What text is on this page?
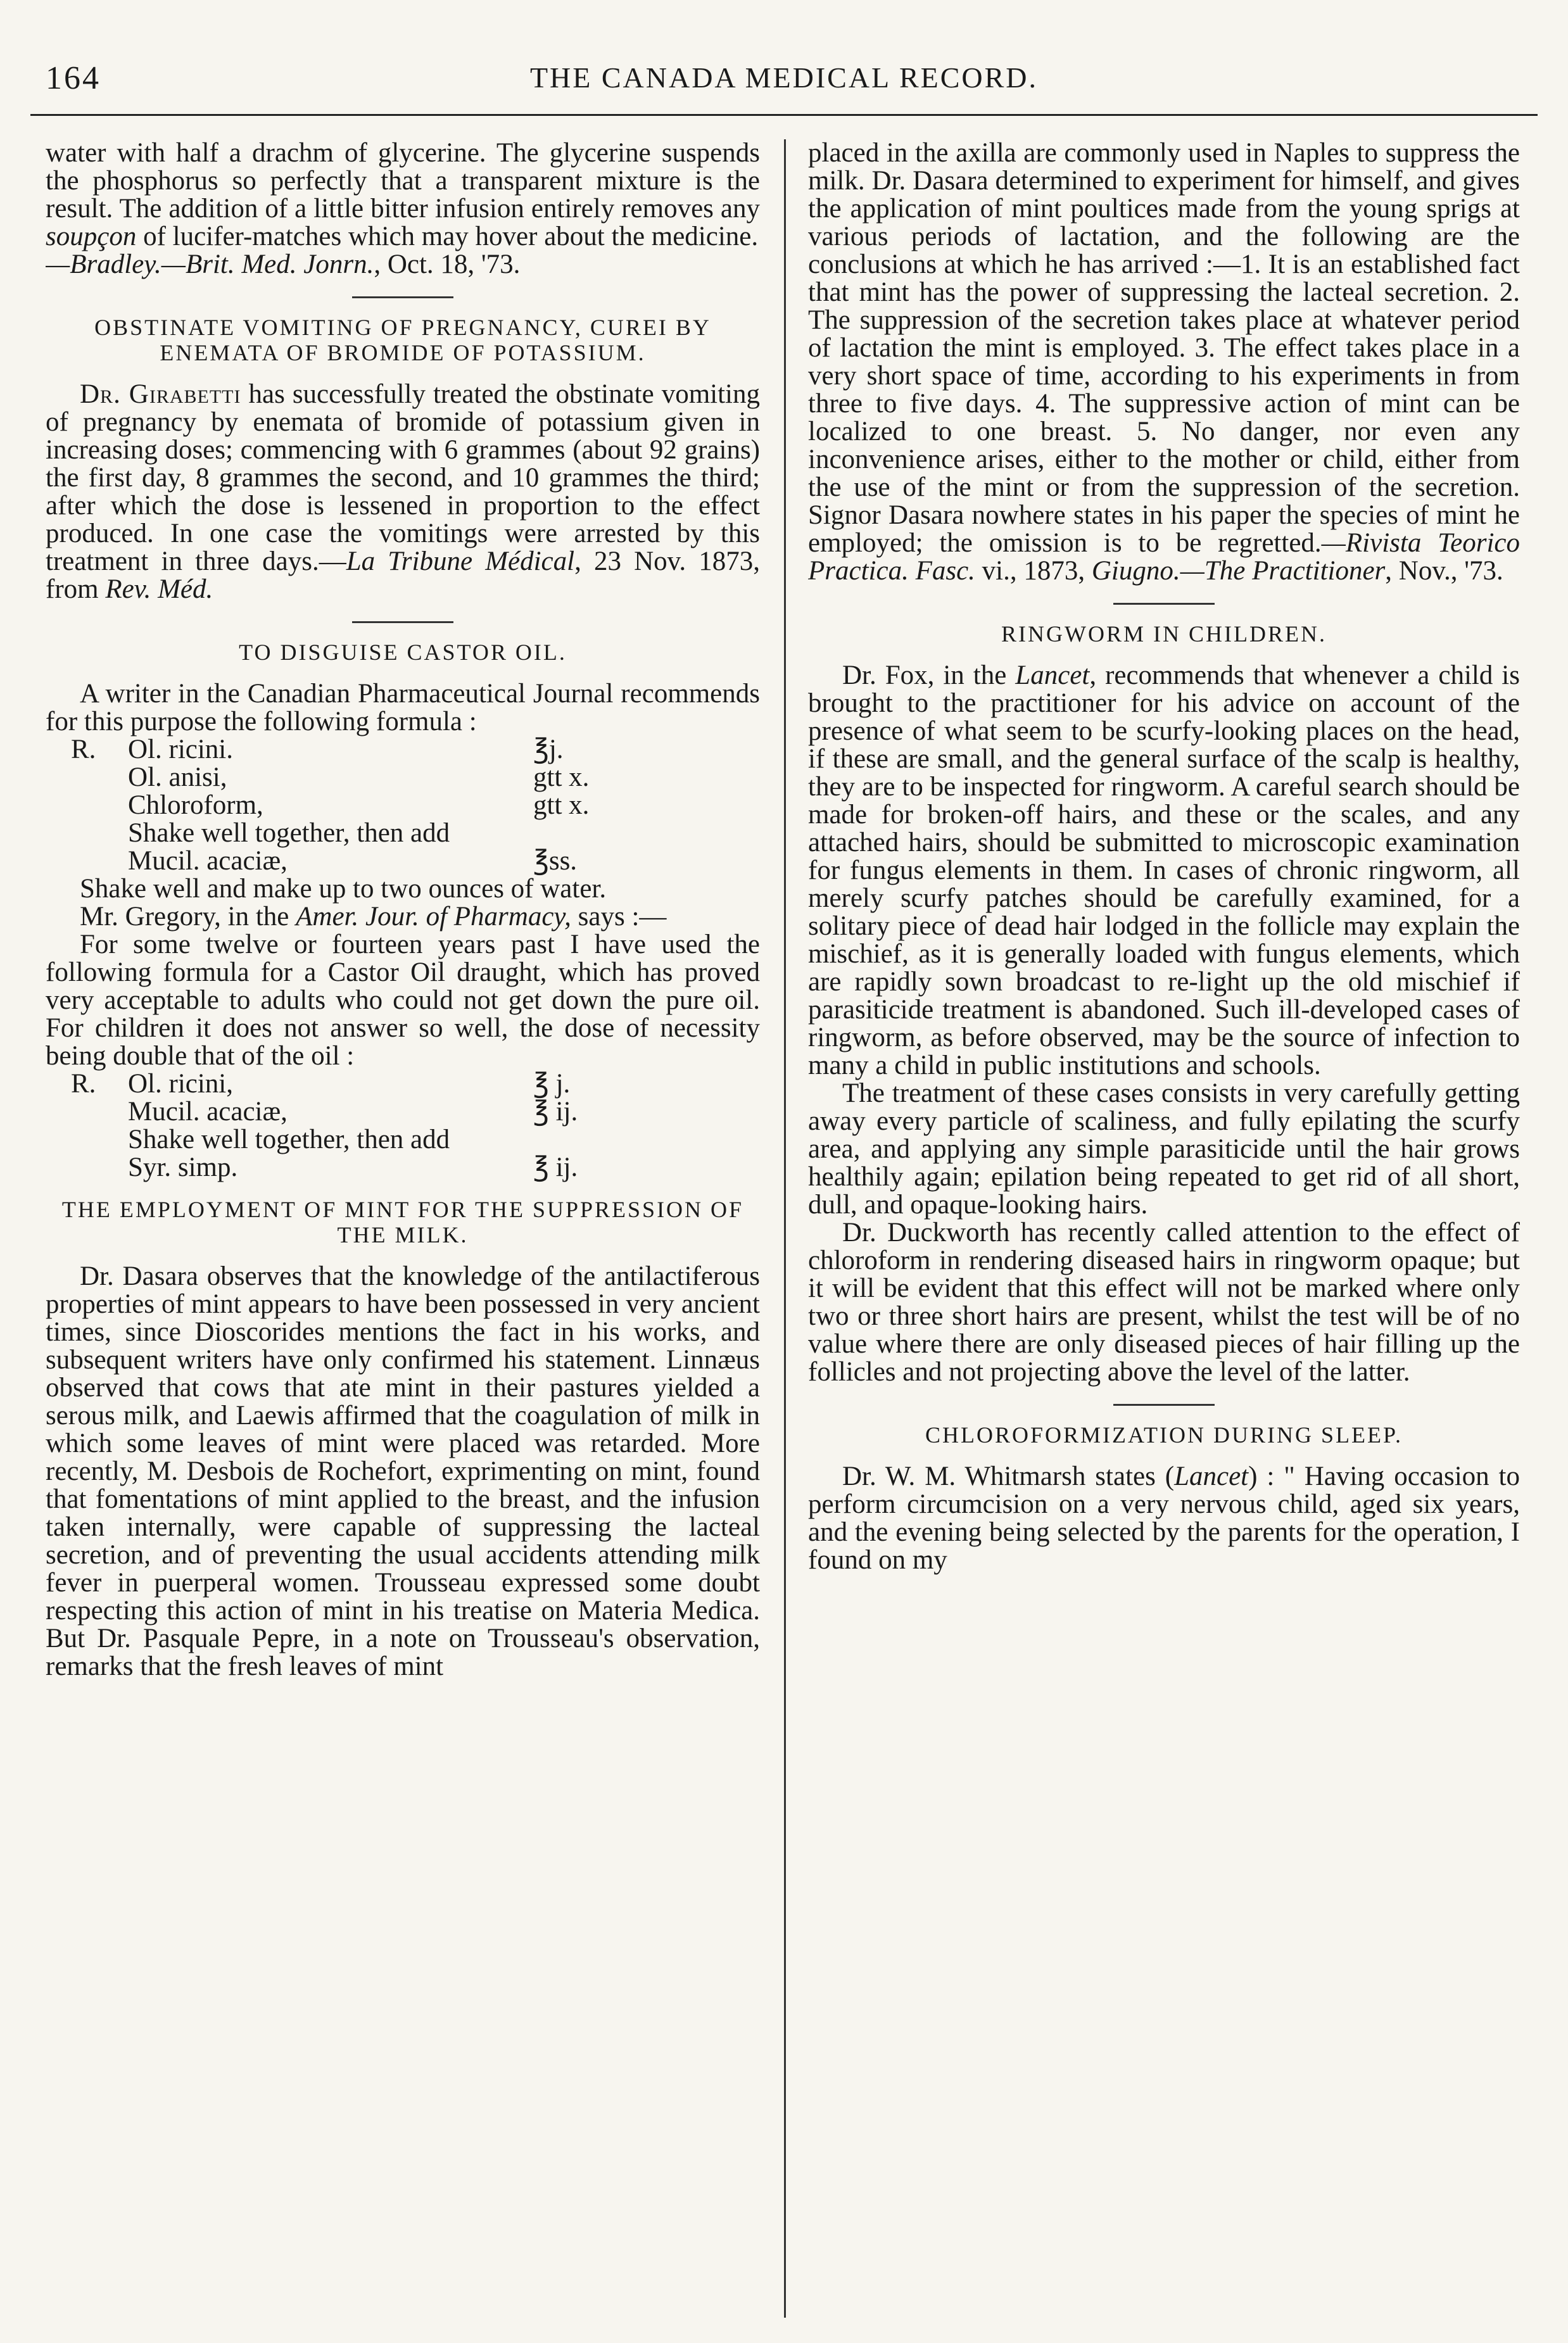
164	THE CANADA MEDICAL RECORD.

water with half a drachm of glycerine. The glycerine suspends the phosphorus so perfectly that a transparent mixture is the result. The addition of a little bitter infusion entirely removes any soupçon of lucifer-matches which may hover about the medicine.
—Bradley.—Brit. Med. Jonrn., Oct. 18, '73.

OBSTINATE VOMITING OF PREGNANCY, CUREI BY ENEMATA OF BROMIDE OF POTASSIUM.

Dr. Girabetti has successfully treated the obstinate vomiting of pregnancy by enemata of bromide of potassium given in increasing doses; commencing with 6 grammes (about 92 grains) the first day, 8 grammes the second, and 10 grammes the third; after which the dose is lessened in proportion to the effect produced. In one case the vomitings were arrested by this treatment in three days.—La Tribune Médical, 23 Nov. 1873, from Rev. Méd.

TO DISGUISE CASTOR OIL.

A writer in the Canadian Pharmaceutical Journal recommends for this purpose the following formula :

R.	Ol. ricini.	℥j.
Ol. anisi,	gtt x.
Chloroform,	gtt x.
Shake well together, then add
Mucil. acaciæ,	℥ss.

Shake well and make up to two ounces of water.

Mr. Gregory, in the Amer. Jour. of Pharmacy, says :—

For some twelve or fourteen years past I have used the following formula for a Castor Oil draught, which has proved very acceptable to adults who could not get down the pure oil. For children it does not answer so well, the dose of necessity being double that of the oil :

R.	Ol. ricini,	℥ j.
Mucil. acaciæ,	℥ ij.
Shake well together, then add
Syr. simp.	℥ ij.
THE EMPLOYMENT OF MINT FOR THE SUPPRESSION OF THE MILK.

Dr. Dasara observes that the knowledge of the antilactiferous properties of mint appears to have been possessed in very ancient times, since Dioscorides mentions the fact in his works, and subsequent writers have only confirmed his statement. Linnæus observed that cows that ate mint in their pastures yielded a serous milk, and Laewis affirmed that the coagulation of milk in which some leaves of mint were placed was retarded. More recently, M. Desbois de Rochefort, exprimenting on mint, found that fomentations of mint applied to the breast, and the infusion taken internally, were capable of suppressing the lacteal secretion, and of preventing the usual accidents attending milk fever in puerperal women. Trousseau expressed some doubt respecting this action of mint in his treatise on Materia Medica. But Dr. Pasquale Pepre, in a note on Trousseau's observation, remarks that the fresh leaves of mint

placed in the axilla are commonly used in Naples to suppress the milk. Dr. Dasara determined to experiment for himself, and gives the application of mint poultices made from the young sprigs at various periods of lactation, and the following are the conclusions at which he has arrived :—1. It is an established fact that mint has the power of suppressing the lacteal secretion. 2. The suppression of the secretion takes place at whatever period of lactation the mint is employed. 3. The effect takes place in a very short space of time, according to his experiments in from three to five days. 4. The suppressive action of mint can be localized to one breast. 5. No danger, nor even any inconvenience arises, either to the mother or child, either from the use of the mint or from the suppression of the secretion. Signor Dasara nowhere states in his paper the species of mint he employed; the omission is to be regretted.—Rivista Teorico Practica. Fasc. vi., 1873, Giugno.—The Practitioner, Nov., '73.

RINGWORM IN CHILDREN.

Dr. Fox, in the Lancet, recommends that whenever a child is brought to the practitioner for his advice on account of the presence of what seem to be scurfy-looking places on the head, if these are small, and the general surface of the scalp is healthy, they are to be inspected for ringworm. A careful search should be made for broken-off hairs, and these or the scales, and any attached hairs, should be submitted to microscopic examination for fungus elements in them. In cases of chronic ringworm, all merely scurfy patches should be carefully examined, for a solitary piece of dead hair lodged in the follicle may explain the mischief, as it is generally loaded with fungus elements, which are rapidly sown broadcast to re-light up the old mischief if parasiticide treatment is abandoned. Such ill-developed cases of ringworm, as before observed, may be the source of infection to many a child in public institutions and schools.

The treatment of these cases consists in very carefully getting away every particle of scaliness, and fully epilating the scurfy area, and applying any simple parasiticide until the hair grows healthily again; epilation being repeated to get rid of all short, dull, and opaque-looking hairs.

Dr. Duckworth has recently called attention to the effect of chloroform in rendering diseased hairs in ringworm opaque; but it will be evident that this effect will not be marked where only two or three short hairs are present, whilst the test will be of no value where there are only diseased pieces of hair filling up the follicles and not projecting above the level of the latter.

CHLOROFORMIZATION DURING SLEEP.

Dr. W. M. Whitmarsh states (Lancet) : " Having occasion to perform circumcision on a very nervous child, aged six years, and the evening being selected by the parents for the operation, I found on my
